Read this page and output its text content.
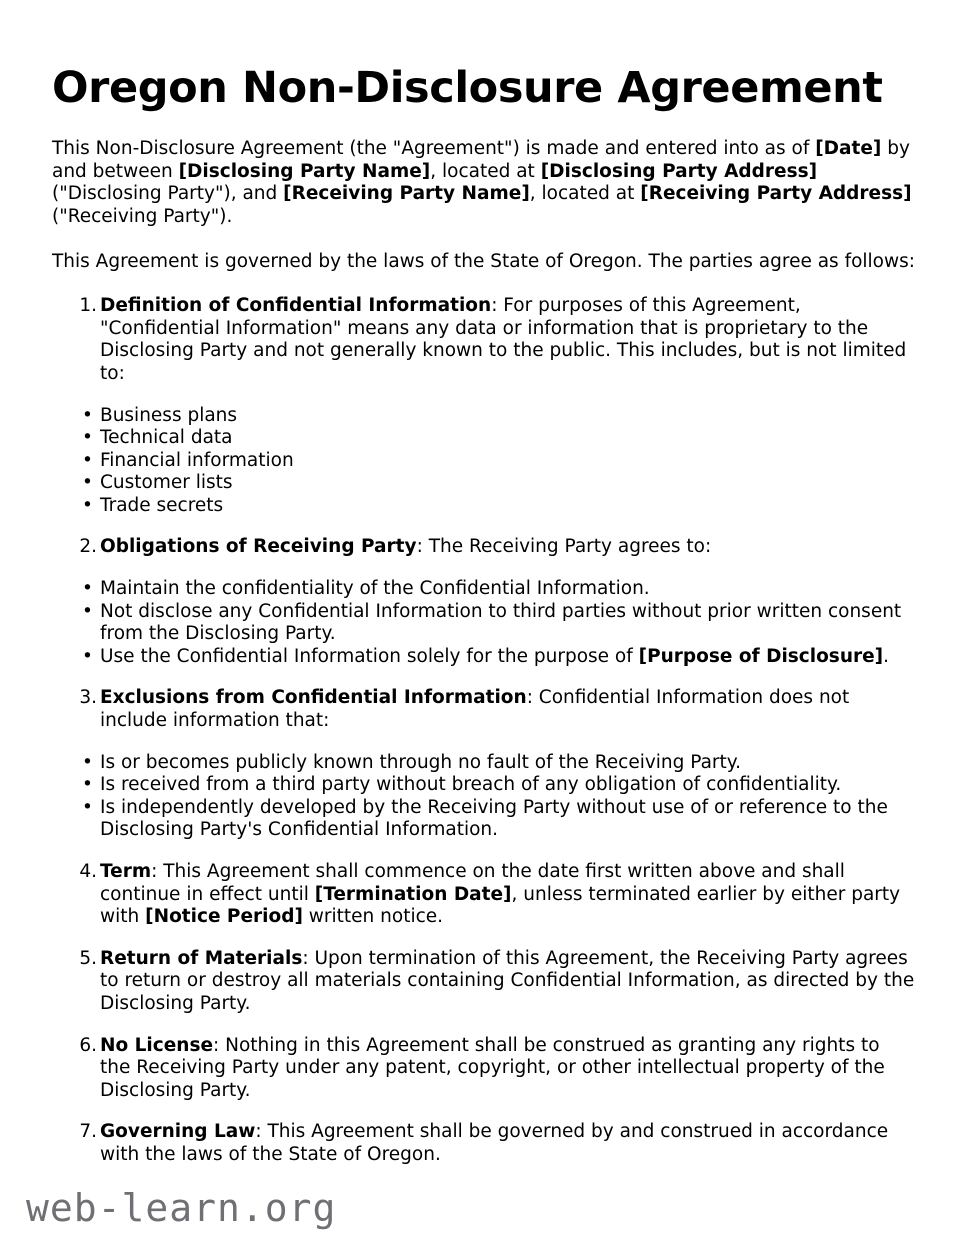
Oregon Non-Disclosure Agreement

This Non-Disclosure Agreement (the "Agreement") is made and entered into as of [Date] by and between [Disclosing Party Name], located at [Disclosing Party Address] ("Disclosing Party"), and [Receiving Party Name], located at [Receiving Party Address] ("Receiving Party").

This Agreement is governed by the laws of the State of Oregon. The parties agree as follows:

1. Definition of Confidential Information: For purposes of this Agreement, "Confidential Information" means any data or information that is proprietary to the Disclosing Party and not generally known to the public. This includes, but is not limited to:
• Business plans
• Technical data
• Financial information
• Customer lists
• Trade secrets
2. Obligations of Receiving Party: The Receiving Party agrees to:
• Maintain the confidentiality of the Confidential Information.
• Not disclose any Confidential Information to third parties without prior written consent from the Disclosing Party.
• Use the Confidential Information solely for the purpose of [Purpose of Disclosure].
3. Exclusions from Confidential Information: Confidential Information does not include information that:
• Is or becomes publicly known through no fault of the Receiving Party.
• Is received from a third party without breach of any obligation of confidentiality.
• Is independently developed by the Receiving Party without use of or reference to the Disclosing Party's Confidential Information.
4. Term: This Agreement shall commence on the date first written above and shall continue in effect until [Termination Date], unless terminated earlier by either party with [Notice Period] written notice.
5. Return of Materials: Upon termination of this Agreement, the Receiving Party agrees to return or destroy all materials containing Confidential Information, as directed by the Disclosing Party.
6. No License: Nothing in this Agreement shall be construed as granting any rights to the Receiving Party under any patent, copyright, or other intellectual property of the Disclosing Party.
7. Governing Law: This Agreement shall be governed by and construed in accordance with the laws of the State of Oregon.
web-learn.org
